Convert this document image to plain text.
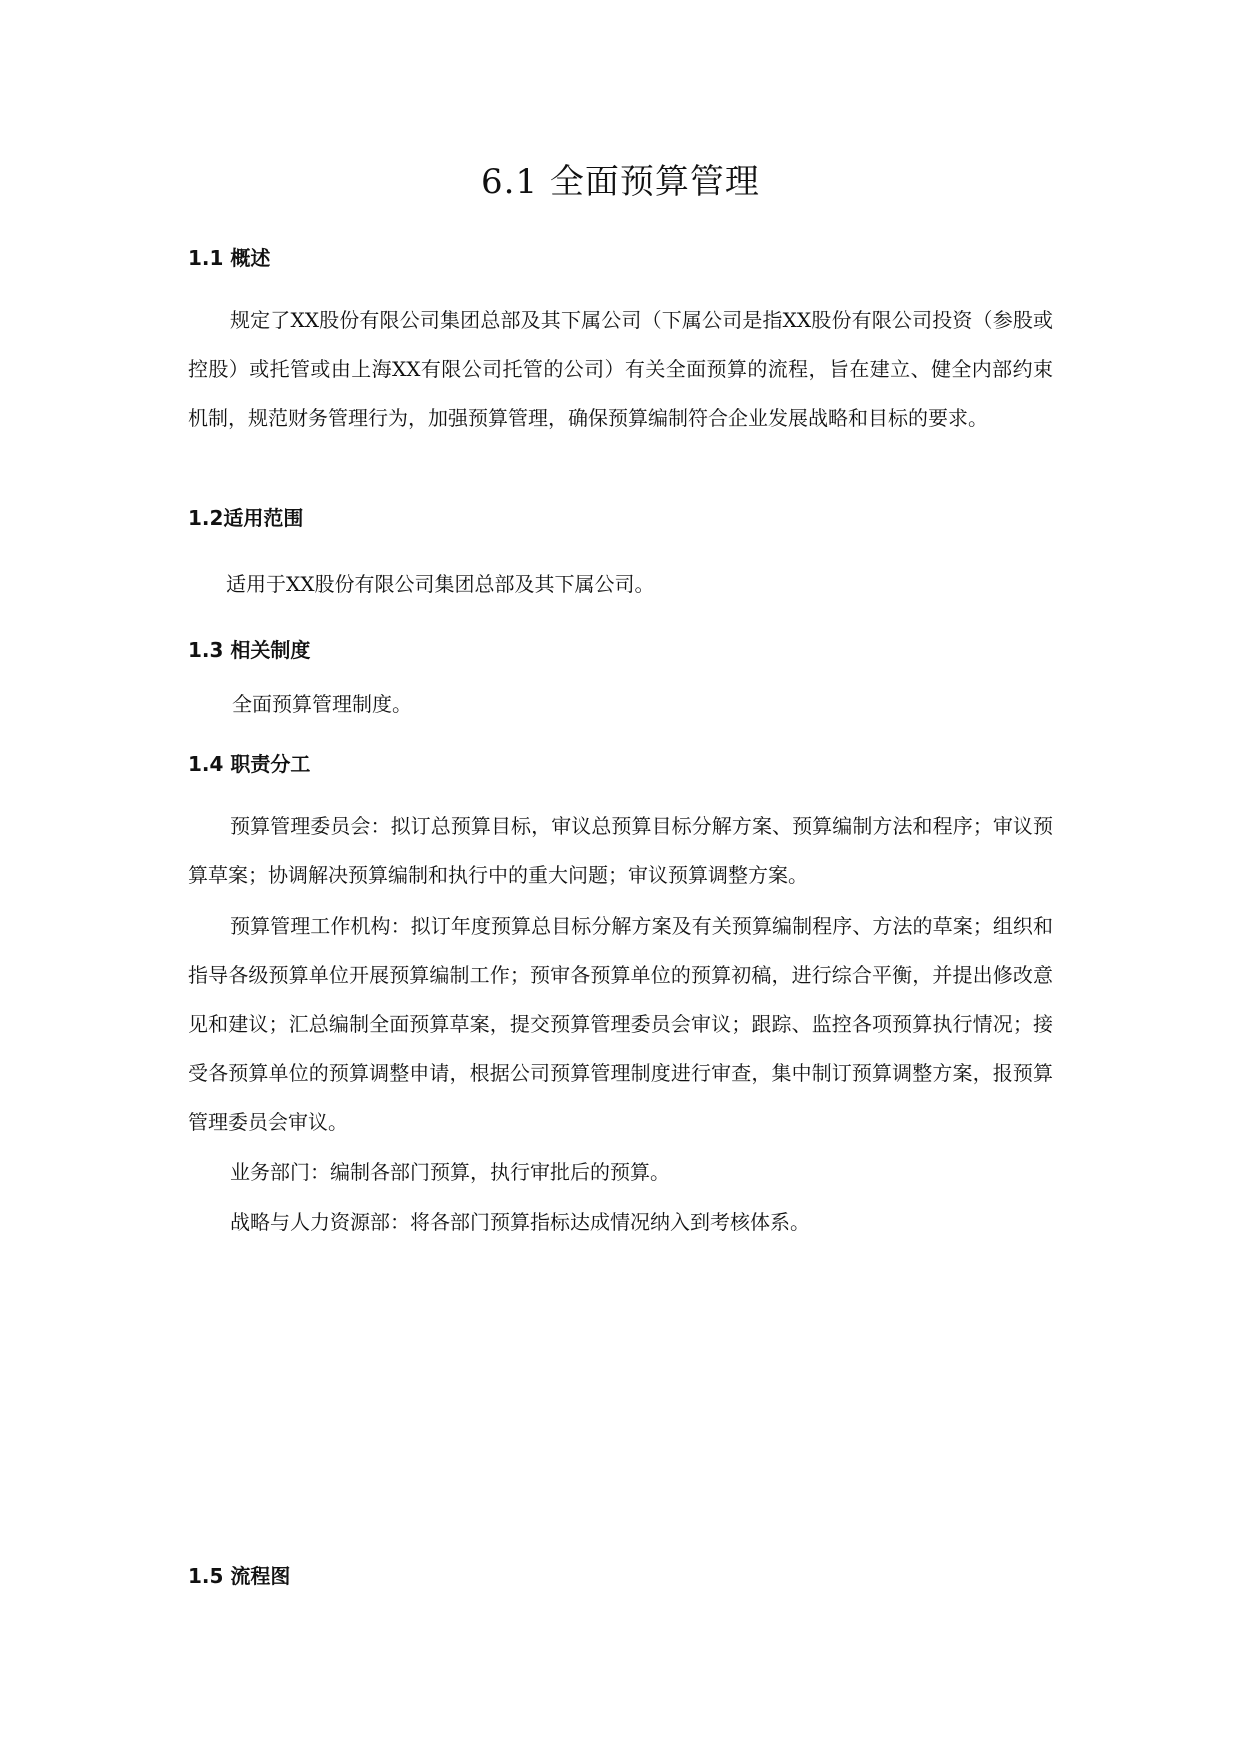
6.1 全面预算管理
1.1 概述

规定了XX股份有限公司集团总部及其下属公司（下属公司是指XX股份有限公司投资（参股或控股）或托管或由上海XX有限公司托管的公司）有关全面预算的流程，旨在建立、健全内部约束机制，规范财务管理行为，加强预算管理，确保预算编制符合企业发展战略和目标的要求。

1.2适用范围

适用于XX股份有限公司集团总部及其下属公司。

1.3 相关制度

全面预算管理制度。

1.4 职责分工

预算管理委员会：拟订总预算目标，审议总预算目标分解方案、预算编制方法和程序；审议预算草案；协调解决预算编制和执行中的重大问题；审议预算调整方案。

预算管理工作机构：拟订年度预算总目标分解方案及有关预算编制程序、方法的草案；组织和指导各级预算单位开展预算编制工作；预审各预算单位的预算初稿，进行综合平衡，并提出修改意见和建议；汇总编制全面预算草案，提交预算管理委员会审议；跟踪、监控各项预算执行情况；接受各预算单位的预算调整申请，根据公司预算管理制度进行审查，集中制订预算调整方案，报预算管理委员会审议。

业务部门：编制各部门预算，执行审批后的预算。

战略与人力资源部：将各部门预算指标达成情况纳入到考核体系。

1.5 流程图
